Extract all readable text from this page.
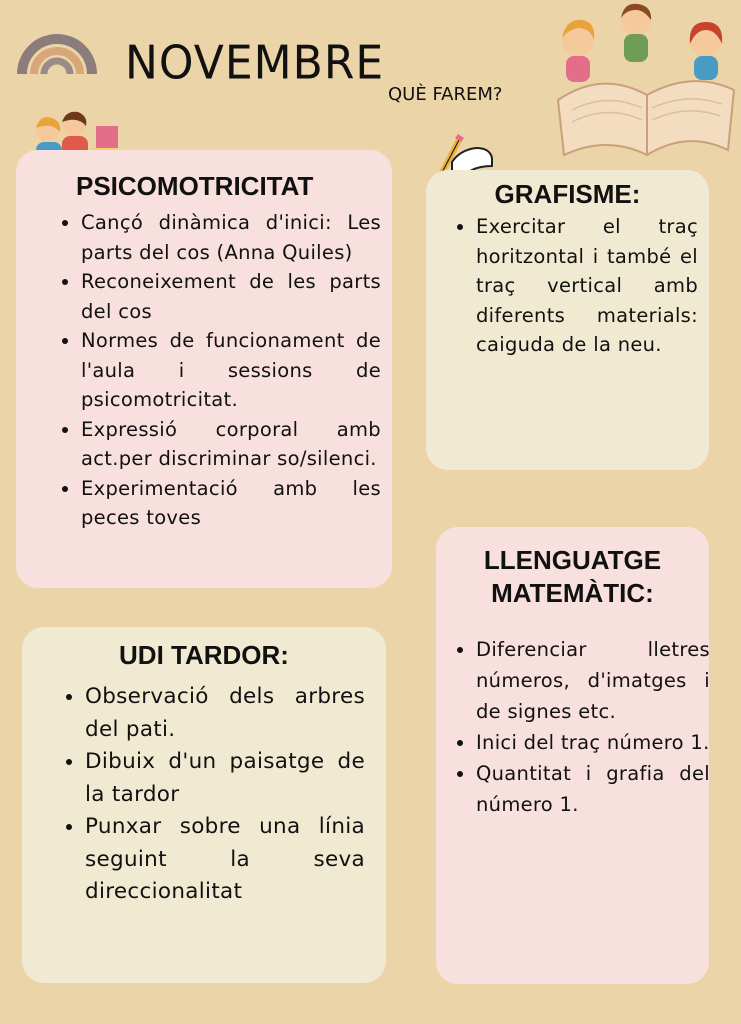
NOVEMBRE
QUÈ FAREM?
PSICOMOTRICITAT
• Cançó dinàmica d'inici: Les parts del cos (Anna Quiles)
• Reconeixement de les parts del cos
• Normes de funcionament de l'aula i sessions de psicomotricitat.
• Expressió corporal amb act.per discriminar so/silenci.
• Experimentació amb les peces toves
GRAFISME:
• Exercitar el traç horitzontal i també el traç vertical amb diferents materials: caiguda de la neu.
LLENGUATGE MATEMÀTIC:
• Diferenciar lletres números, d'imatges i de signes etc.
• Inici del traç número 1.
• Quantitat i grafia del número 1.
UDI TARDOR:
• Observació dels arbres del pati.
• Dibuix d'un paisatge de la tardor
• Punxar sobre una línia seguint la seva direccionalitat
